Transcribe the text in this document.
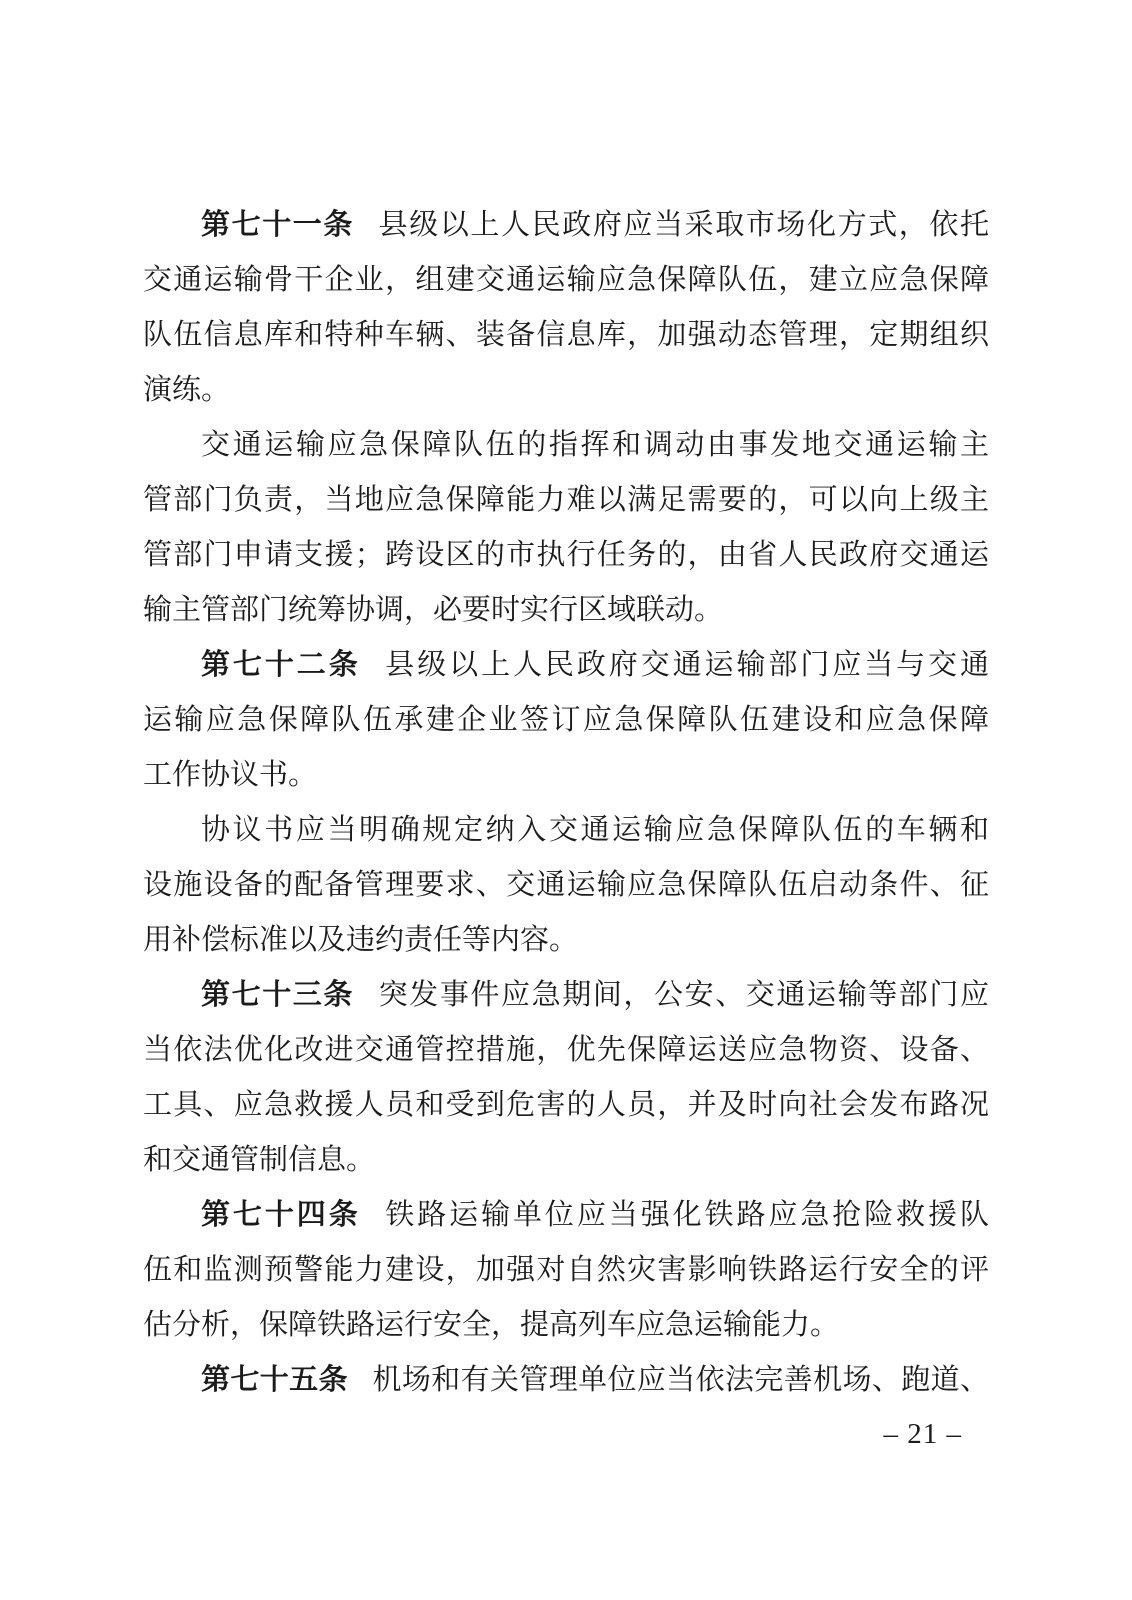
第七十一条 县级以上人民政府应当采取市场化方式，依托
交通运输骨干企业，组建交通运输应急保障队伍，建立应急保障
队伍信息库和特种车辆、装备信息库，加强动态管理，定期组织
演练。
交通运输应急保障队伍的指挥和调动由事发地交通运输主
管部门负责，当地应急保障能力难以满足需要的，可以向上级主
管部门申请支援；跨设区的市执行任务的，由省人民政府交通运
输主管部门统筹协调，必要时实行区域联动。
第七十二条 县级以上人民政府交通运输部门应当与交通
运输应急保障队伍承建企业签订应急保障队伍建设和应急保障
工作协议书。
协议书应当明确规定纳入交通运输应急保障队伍的车辆和
设施设备的配备管理要求、交通运输应急保障队伍启动条件、征
用补偿标准以及违约责任等内容。
第七十三条 突发事件应急期间，公安、交通运输等部门应
当依法优化改进交通管控措施，优先保障运送应急物资、设备、
工具、应急救援人员和受到危害的人员，并及时向社会发布路况
和交通管制信息。
第七十四条 铁路运输单位应当强化铁路应急抢险救援队
伍和监测预警能力建设，加强对自然灾害影响铁路运行安全的评
估分析，保障铁路运行安全，提高列车应急运输能力。
第七十五条 机场和有关管理单位应当依法完善机场、跑道、
– 21 –
